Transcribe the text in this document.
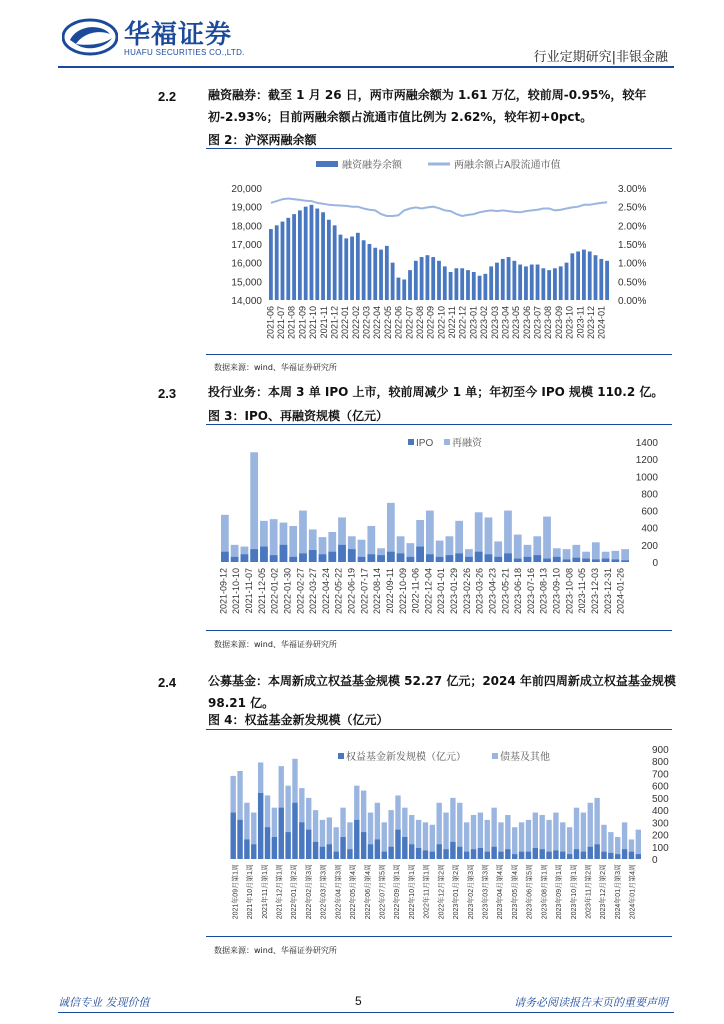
华福证券
HUAFU SECURITIES CO.,LTD.	行业定期研究|非银金融
2.2	融资融券：截至 1 月 26 日，两市两融余额为 1.61 万亿，较前周-0.95%，较年初-2.93%；目前两融余额占流通市值比例为 2.62%，较年初+0pct。
图 2：沪深两融余额
融资融券余额	两融余额占A股流通市值
20,000
19,000
18,000
17,000
16,000
15,000
14,000
3.00%
2.50%
2.00%
1.50%
1.00%
0.50%
0.00%
2021-06 2021-07 2021-08 2021-09 2021-10 2021-11 2021-12 2022-01 2022-02 2022-03 2022-04 2022-05 2022-06 2022-07 2022-08 2022-09 2022-10 2022-11 2022-12 2023-01 2023-02 2023-03 2023-04 2023-05 2023-06 2023-07 2023-08 2023-09 2023-10 2023-11 2023-12 2024-01
数据来源：wind、华福证券研究所
2.3	投行业务：本周 3 单 IPO 上市，较前周减少 1 单；年初至今 IPO 规模 110.2 亿。
图 3：IPO、再融资规模（亿元）
IPO 再融资	1400
1200
1000
800
600
400
200
0
2021-09-12 2021-10-10 2021-11-07 2021-12-05 2022-01-02 2022-01-30 2022-02-27 2022-03-27 2022-04-24 2022-05-22 2022-06-19 2022-07-17 2022-08-14 2022-09-11 2022-10-09 2022-11-06 2022-12-04 2023-01-01 2023-01-29 2023-02-26 2023-03-26 2023-04-23 2023-05-21 2023-06-18 2023-07-16 2023-08-13 2023-09-10 2023-10-08 2023-11-05 2023-12-03 2023-12-31 2024-01-26
数据来源：wind、华福证券研究所
2.4	公募基金：本周新成立权益基金规模 52.27 亿元；2024 年前四周新成立权益基金规模 98.21 亿。
图 4：权益基金新发规模（亿元）
权益基金新发规模（亿元）	债基及其他
900
800
700
600
500
400
300
200
100
0
2021年09月第1周 2021年10月第1周 2021年11月第1周 2021年12月第1周 2022年01月第2周 2022年02月第3周 2022年03月第3周 2022年04月第3周 2022年05月第4周 2022年06月第4周 2022年07月第5周 2022年09月第1周 2022年10月第1周 2022年11月第1周 2022年12月第2周 2023年01月第2周 2023年02月第3周 2023年03月第3周 2023年04月第4周 2023年05月第4周 2023年06月第5周 2023年08月第1周 2023年09月第1周 2023年10月第1周 2023年11月第2周 2023年12月第2周 2024年01月第3周 2024年01月第4周
数据来源：wind、华福证券研究所
诚信专业 发现价值	5	请务必阅读报告末页的重要声明
